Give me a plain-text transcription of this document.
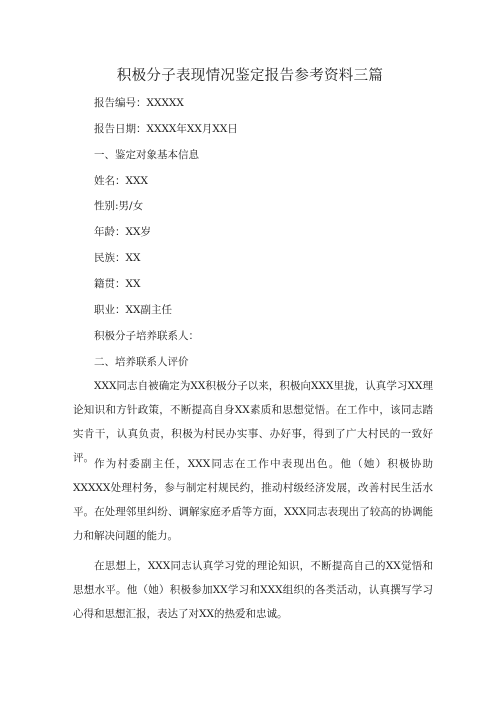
积极分子表现情况鉴定报告参考资料三篇
报告编号：XXXXX
报告日期：XXXX年XX月XX日
一、鉴定对象基本信息
姓名：XXX
性别:男/女
年龄：XX岁
民族：XX
籍贯：XX
职业：XX副主任
积极分子培养联系人：
二、培养联系人评价

XXX同志自被确定为XX积极分子以来，积极向XXX里拢，认真学习XX理论知识和方针政策，不断提高自身XX素质和思想觉悟。在工作中，该同志踏实肯干，认真负责，积极为村民办实事、办好事，得到了广大村民的一致好评。 作为村委副主任，XXX同志在工作中表现出色。他（她）积极协助XXXXX处理村务，参与制定村规民约，推动村级经济发展，改善村民生活水平。在处理邻里纠纷、调解家庭矛盾等方面，XXX同志表现出了较高的协调能力和解决问题的能力。

在思想上，XXX同志认真学习党的理论知识，不断提高自己的XX觉悟和思想水平。他（她）积极参加XX学习和XXX组织的各类活动，认真撰写学习心得和思想汇报，表达了对XX的热爱和忠诚。
